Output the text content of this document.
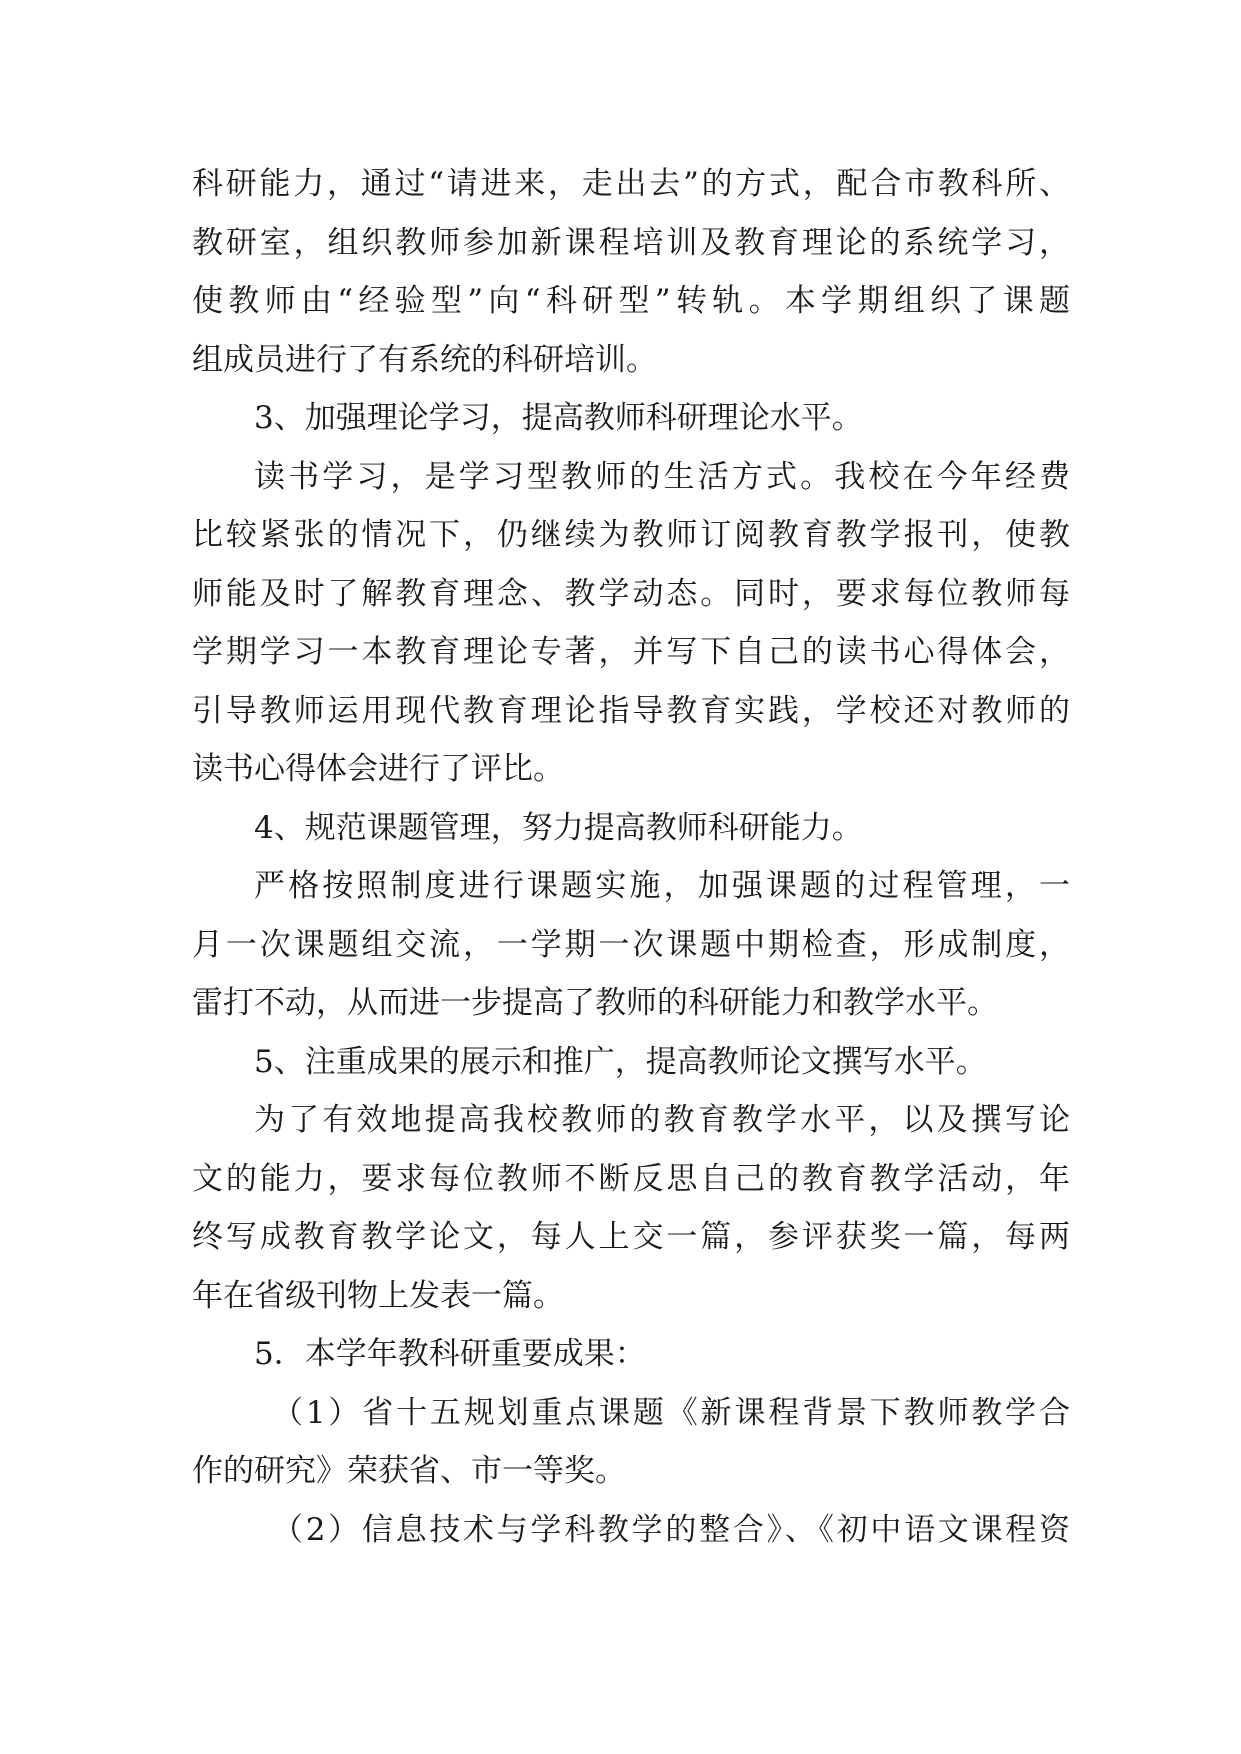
科研能力，通过“请进来，走出去”的方式，配合市教科所、
教研室，组织教师参加新课程培训及教育理论的系统学习，
使教师由“经验型”向“科研型”转轨。本学期组织了课题
组成员进行了有系统的科研培训。
3、加强理论学习，提高教师科研理论水平。
读书学习，是学习型教师的生活方式。我校在今年经费
比较紧张的情况下，仍继续为教师订阅教育教学报刊，使教
师能及时了解教育理念、教学动态。同时，要求每位教师每
学期学习一本教育理论专著，并写下自己的读书心得体会，
引导教师运用现代教育理论指导教育实践，学校还对教师的
读书心得体会进行了评比。
4、规范课题管理，努力提高教师科研能力。
严格按照制度进行课题实施，加强课题的过程管理，一
月一次课题组交流，一学期一次课题中期检查，形成制度，
雷打不动，从而进一步提高了教师的科研能力和教学水平。
5、注重成果的展示和推广，提高教师论文撰写水平。
为了有效地提高我校教师的教育教学水平，以及撰写论
文的能力，要求每位教师不断反思自己的教育教学活动，年
终写成教育教学论文，每人上交一篇，参评获奖一篇，每两
年在省级刊物上发表一篇。
5．本学年教科研重要成果：
（1）省十五规划重点课题《新课程背景下教师教学合
作的研究》荣获省、市一等奖。
（2）信息技术与学科教学的整合》、《初中语文课程资
